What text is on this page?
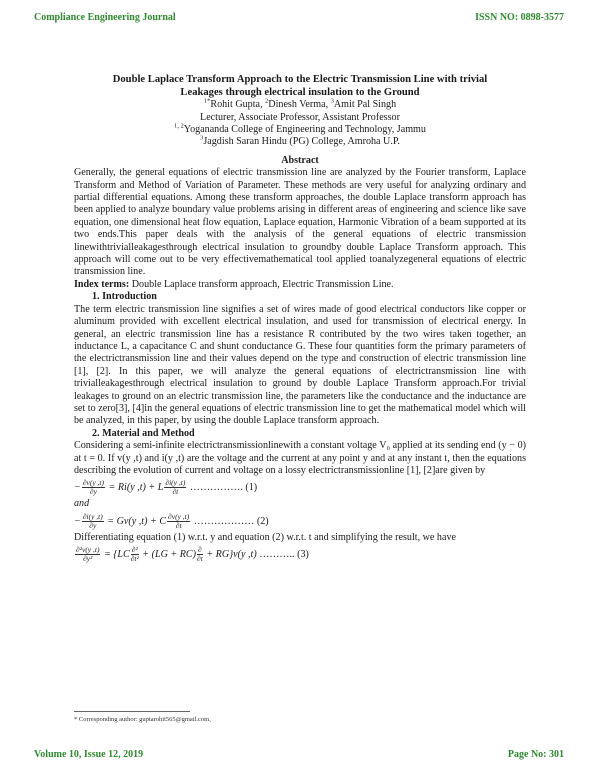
Compliance Engineering Journal	ISSN NO: 0898-3577

Double Laplace Transform Approach to the Electric Transmission Line with trivial

Leakages through electrical insulation to the Ground

$^{1*}$Rohit Gupta, $^2$Dinesh Verma, $^3$Amit Pal Singh

Lecturer, Associate Professor, Assistant Professor

$^{1, 2}$Yogananda College of Engineering and Technology, Jammu

$^3$Jagdish Saran Hindu (PG) College, Amroha U.P.

Abstract

Generally, the general equations of electric transmission line are analyzed by the Fourier transform, Laplace Transform and Method of Variation of Parameter. These methods are very useful for analyzing ordinary and partial differential equations. Among these transform approaches, the double Laplace transform approach has been applied to analyze boundary value problems arising in different areas of engineering and science like save equation, one dimensional heat flow equation, Laplace equation, Harmonic Vibration of a beam supported at its two ends.This paper deals with the analysis of the general equations of electric transmission linewithtrivialleakagesthrough electrical insulation to groundby double Laplace Transform approach. This approach will come out to be very effectivemathematical tool applied toanalyzegeneral equations of electric transmission line.

Index terms: Double Laplace transform approach, Electric Transmission Line.

1. Introduction

The term electric transmission line signifies a set of wires made of good electrical conductors like copper or aluminum provided with excellent electrical insulation, and used for transmission of electrical energy. In general, an electric transmission line has a resistance R contributed by the two wires taken together, an inductance L, a capacitance C and shunt conductance G. These four quantities form the primary parameters of the electrictransmission line and their values depend on the type and construction of electric transmission line [1], [2]. In this paper, we will analyze the general equations of electrictransmission line with trivialleakagesthrough electrical insulation to ground by double Laplace Transform approach.For trivial leakages to ground on an electric transmission line, the parameters like the conductance and the inductance are set to zero[3], [4]in the general equations of electric transmission line to get the mathematical model which will be analyzed, in this paper, by using the double Laplace transform approach.

2. Material and Method

Considering a semi-infinite electrictransmissionlinewith a constant voltage V₀ applied at its sending end (y − 0) at t = 0. If v(y ,t) and i(y ,t) are the voltage and the current at any point y and at any instant t, then the equations describing the evolution of current and voltage on a lossy electrictransmissionline [1], [2]are given by

− $\frac{\partial v(y ,t)}{\partial y} = Ri(y$ ,t) + L $\frac{\partial i(y ,t)}{\partial t}$ ……………. (1)
and
− $\frac{\partial i(y ,t)}{\partial y} = Gv(y$ ,t) + C $\frac{\partial v(y ,t)}{\partial t}$ ……………… (2)

Differentiating equation (1) w.r.t. y and equation (2) w.r.t. t and simplifying the result, we have

$\frac{\text{∂²v(y ,t)}}{\text{∂y²}} = \{LC \frac{\text{∂²}}{\text{∂t²}} + (LG + RC) \frac{\partial}{\partial t} + RG\}v(y$ ,t) ……….. (3)
* Corresponding author: guptarohit565@gmail.com,
Volume 10, Issue 12, 2019	Page No: 301
